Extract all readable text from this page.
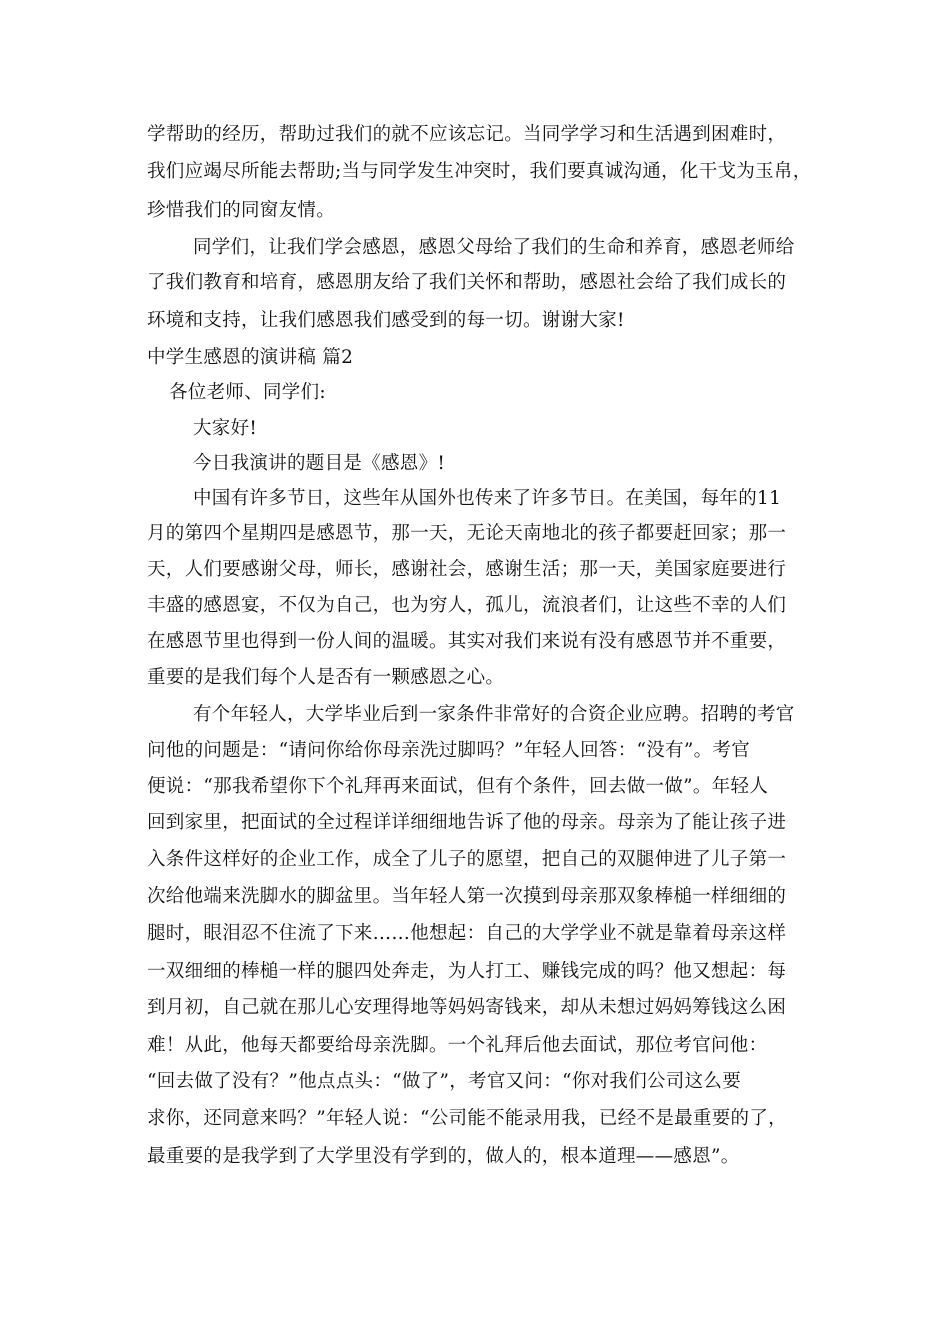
学帮助的经历，帮助过我们的就不应该忘记。当同学学习和生活遇到困难时，
我们应竭尽所能去帮助;当与同学发生冲突时，我们要真诚沟通，化干戈为玉帛，
珍惜我们的同窗友情。
同学们，让我们学会感恩，感恩父母给了我们的生命和养育，感恩老师给
了我们教育和培育，感恩朋友给了我们关怀和帮助，感恩社会给了我们成长的
环境和支持，让我们感恩我们感受到的每一切。谢谢大家!
中学生感恩的演讲稿 篇2
各位老师、同学们:
大家好!
今日我演讲的题目是《感恩》!
中国有许多节日，这些年从国外也传来了许多节日。在美国，每年的11
月的第四个星期四是感恩节，那一天，无论天南地北的孩子都要赶回家；那一
天，人们要感谢父母，师长，感谢社会，感谢生活；那一天，美国家庭要进行
丰盛的感恩宴，不仅为自己，也为穷人，孤儿，流浪者们，让这些不幸的人们
在感恩节里也得到一份人间的温暖。其实对我们来说有没有感恩节并不重要，
重要的是我们每个人是否有一颗感恩之心。
有个年轻人，大学毕业后到一家条件非常好的合资企业应聘。招聘的考官
问他的问题是：“请问你给你母亲洗过脚吗？”年轻人回答：“没有”。考官
便说：“那我希望你下个礼拜再来面试，但有个条件，回去做一做”。年轻人
回到家里，把面试的全过程详详细细地告诉了他的母亲。母亲为了能让孩子进
入条件这样好的企业工作，成全了儿子的愿望，把自己的双腿伸进了儿子第一
次给他端来洗脚水的脚盆里。当年轻人第一次摸到母亲那双象棒槌一样细细的
腿时，眼泪忍不住流了下来……他想起：自己的大学学业不就是靠着母亲这样
一双细细的棒槌一样的腿四处奔走，为人打工、赚钱完成的吗？他又想起：每
到月初，自己就在那儿心安理得地等妈妈寄钱来，却从未想过妈妈筹钱这么困
难！从此，他每天都要给母亲洗脚。一个礼拜后他去面试，那位考官问他：
“回去做了没有？”他点点头：“做了”，考官又问：“你对我们公司这么要
求你，还同意来吗？”年轻人说：“公司能不能录用我，已经不是最重要的了，
最重要的是我学到了大学里没有学到的，做人的，根本道理——感恩”。
